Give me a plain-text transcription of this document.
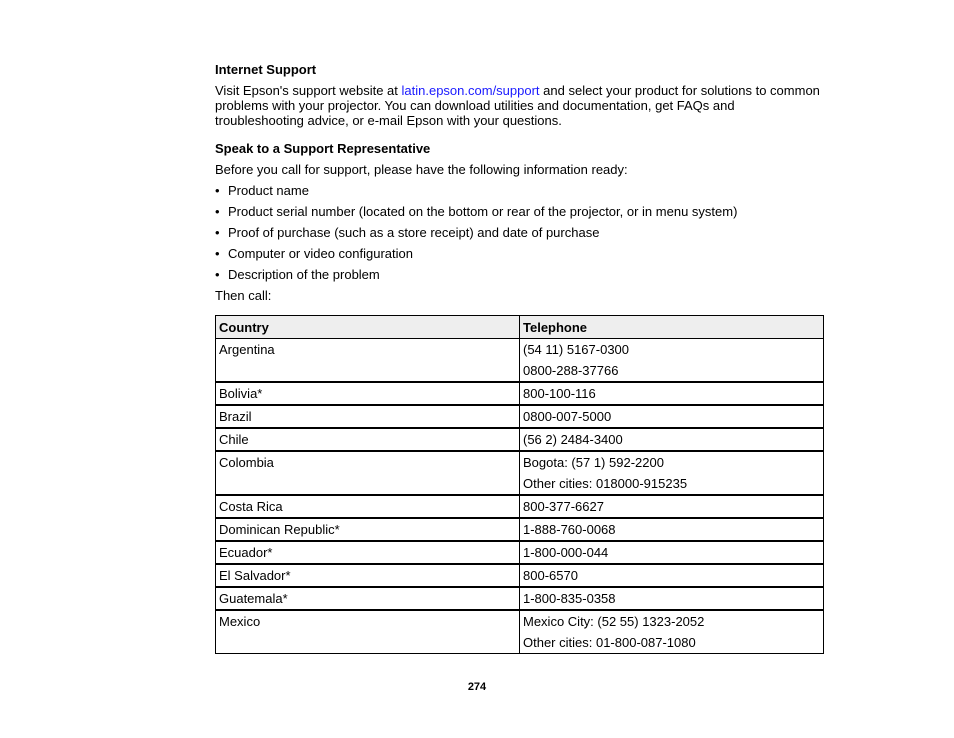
Internet Support

Visit Epson's support website at latin.epson.com/support and select your product for solutions to common problems with your projector. You can download utilities and documentation, get FAQs and troubleshooting advice, or e-mail Epson with your questions.

Speak to a Support Representative

Before you call for support, please have the following information ready:

• Product name
• Product serial number (located on the bottom or rear of the projector, or in menu system)
• Proof of purchase (such as a store receipt) and date of purchase
• Computer or video configuration
• Description of the problem

Then call:

Country	Telephone
Argentina	(54 11) 5167-0300
0800-288-37766

Bolivia*	800-100-116

Brazil	0800-007-5000

Chile	(56 2) 2484-3400

Colombia	Bogota: (57 1) 592-2200
Other cities: 018000-915235

Costa Rica	800-377-6627

Dominican Republic*	1-888-760-0068

Ecuador*	1-800-000-044

El Salvador*	800-6570

Guatemala*	1-800-835-0358

Mexico	Mexico City: (52 55) 1323-2052
Other cities: 01-800-087-1080
274
